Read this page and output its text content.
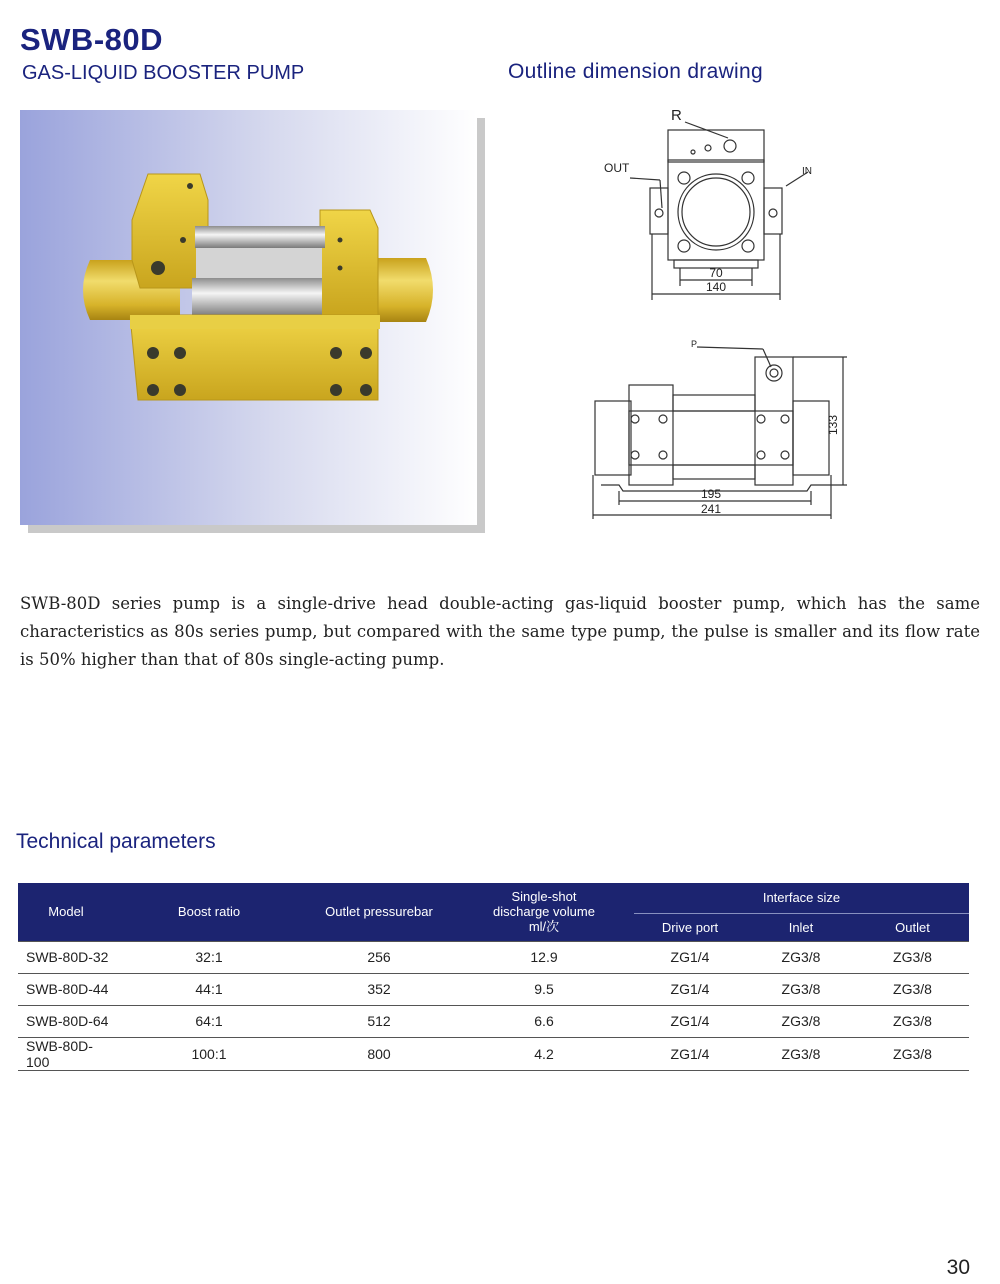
SWB-80D
GAS-LIQUID BOOSTER PUMP	Outline dimension drawing
R
OUT	IN
70
140
P
133
195
241
SWB-80D series pump is a single-drive head double-acting gas-liquid booster pump, which has the same characteristics as 80s series pump, but compared with the same type pump, the pulse is smaller and its flow rate is 50% higher than that of 80s single-acting pump.
Technical parameters
Model	Boost ratio	Outlet pressurebar	Single-shot
discharge volume
ml/次	Interface size		
				Drive port	Inlet	Outlet
SWB-80D-32	32:1	256	12.9	ZG1/4	ZG3/8	ZG3/8
SWB-80D-44	44:1	352	9.5	ZG1/4	ZG3/8	ZG3/8
SWB-80D-64	64:1	512	6.6	ZG1/4	ZG3/8	ZG3/8
SWB-80D-100	100:1	800	4.2	ZG1/4	ZG3/8	ZG3/8
30
